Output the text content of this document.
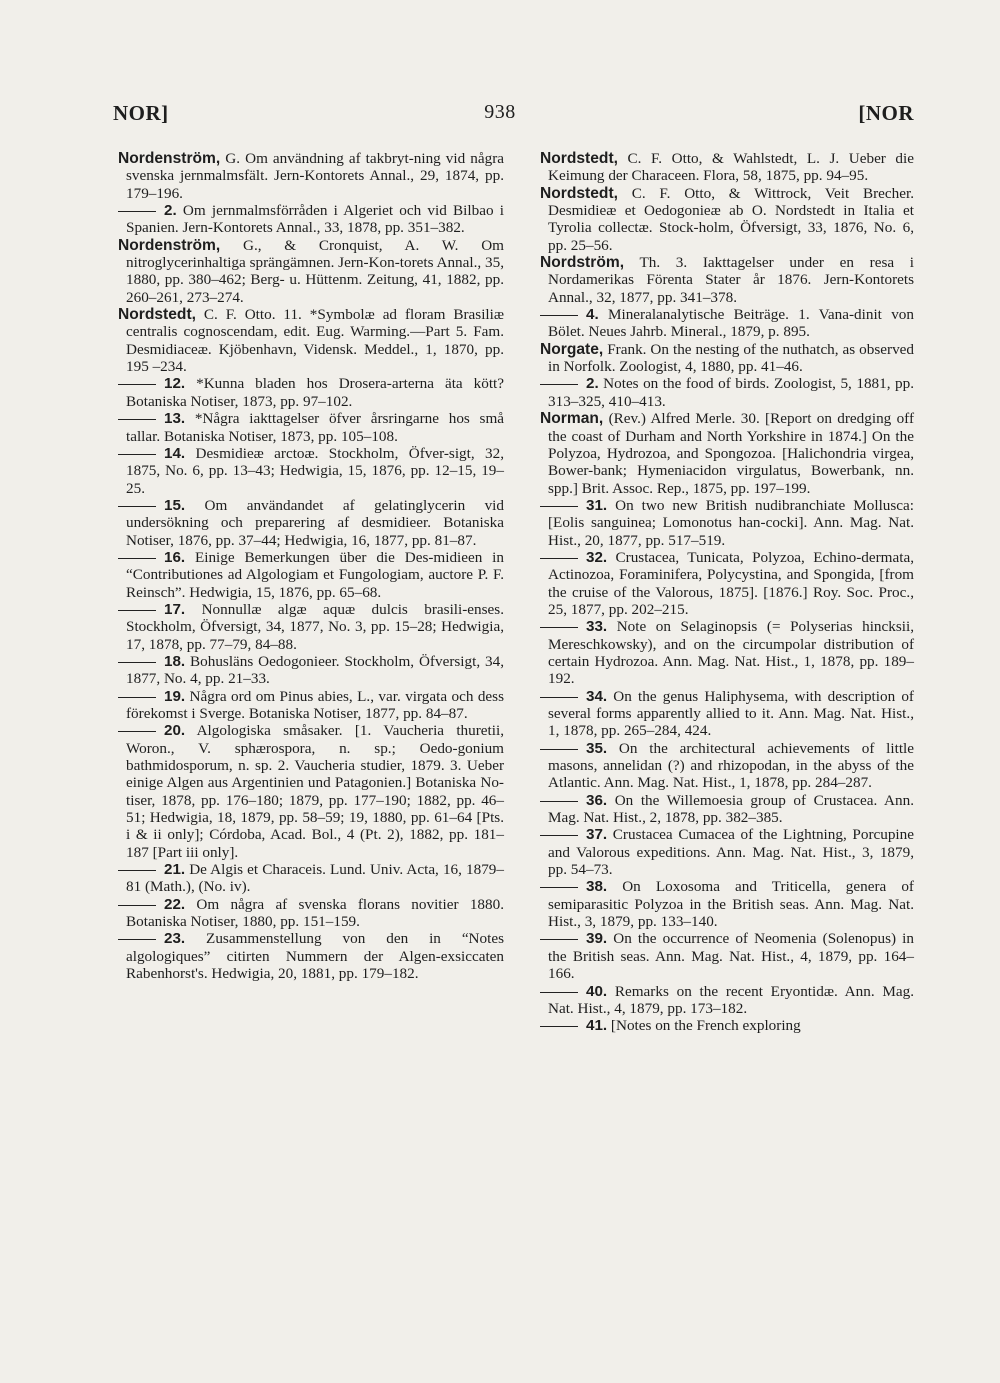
NOR]	938	[NOR

Nordenström, G. Om användning af takbryt-ning vid några svenska jernmalmsfält. Jern-Kontorets Annal., 29, 1874, pp. 179–196.

2. Om jernmalmsförråden i Algeriet och vid Bilbao i Spanien. Jern-Kontorets Annal., 33, 1878, pp. 351–382.

Nordenström, G., & Cronquist, A. W. Om nitroglycerinhaltiga sprängämnen. Jern-Kon-torets Annal., 35, 1880, pp. 380–462; Berg- u. Hüttenm. Zeitung, 41, 1882, pp. 260–261, 273–274.

Nordstedt, C. F. Otto. 11. *Symbolæ ad floram Brasiliæ centralis cognoscendam, edit. Eug. Warming.—Part 5. Fam. Desmidiaceæ. Kjöbenhavn, Vidensk. Meddel., 1, 1870, pp. 195 –234.

12. *Kunna bladen hos Drosera-arterna äta kött? Botaniska Notiser, 1873, pp. 97–102.

13. *Några iakttagelser öfver årsringarne hos små tallar. Botaniska Notiser, 1873, pp. 105–108.

14. Desmidieæ arctoæ. Stockholm, Öfver-sigt, 32, 1875, No. 6, pp. 13–43; Hedwigia, 15, 1876, pp. 12–15, 19–25.

15. Om användandet af gelatinglycerin vid undersökning och preparering af desmidieer. Botaniska Notiser, 1876, pp. 37–44; Hedwigia, 16, 1877, pp. 81–87.

16. Einige Bemerkungen über die Des-midieen in “Contributiones ad Algologiam et Fungologiam, auctore P. F. Reinsch”. Hedwigia, 15, 1876, pp. 65–68.

17. Nonnullæ algæ aquæ dulcis brasili-enses. Stockholm, Öfversigt, 34, 1877, No. 3, pp. 15–28; Hedwigia, 17, 1878, pp. 77–79, 84–88.

18. Bohusläns Oedogonieer. Stockholm, Öfversigt, 34, 1877, No. 4, pp. 21–33.

19. Några ord om Pinus abies, L., var. virgata och dess förekomst i Sverge. Botaniska Notiser, 1877, pp. 84–87.

20. Algologiska småsaker. [1. Vaucheria thuretii, Woron., V. sphærospora, n. sp.; Oedo-gonium bathmidosporum, n. sp. 2. Vaucheria studier, 1879. 3. Ueber einige Algen aus Argentinien und Patagonien.] Botaniska No-tiser, 1878, pp. 176–180; 1879, pp. 177–190; 1882, pp. 46–51; Hedwigia, 18, 1879, pp. 58–59; 19, 1880, pp. 61–64 [Pts. i & ii only]; Córdoba, Acad. Bol., 4 (Pt. 2), 1882, pp. 181–187 [Part iii only].

21. De Algis et Characeis. Lund. Univ. Acta, 16, 1879–81 (Math.), (No. iv).

22. Om några af svenska florans novitier 1880. Botaniska Notiser, 1880, pp. 151–159.

23. Zusammenstellung von den in “Notes algologiques” citirten Nummern der Algen-exsiccaten Rabenhorst's. Hedwigia, 20, 1881, pp. 179–182.

Nordstedt, C. F. Otto, & Wahlstedt, L. J. Ueber die Keimung der Characeen. Flora, 58, 1875, pp. 94–95.

Nordstedt, C. F. Otto, & Wittrock, Veit Brecher. Desmidieæ et Oedogonieæ ab O. Nordstedt in Italia et Tyrolia collectæ. Stock-holm, Öfversigt, 33, 1876, No. 6, pp. 25–56.

Nordström, Th. 3. Iakttagelser under en resa i Nordamerikas Förenta Stater år 1876. Jern-Kontorets Annal., 32, 1877, pp. 341–378.

4. Mineralanalytische Beiträge. 1. Vana-dinit von Bölet. Neues Jahrb. Mineral., 1879, p. 895.

Norgate, Frank. On the nesting of the nuthatch, as observed in Norfolk. Zoologist, 4, 1880, pp. 41–46.

2. Notes on the food of birds. Zoologist, 5, 1881, pp. 313–325, 410–413.

Norman, (Rev.) Alfred Merle. 30. [Report on dredging off the coast of Durham and North Yorkshire in 1874.] On the Polyzoa, Hydrozoa, and Spongozoa. [Halichondria virgea, Bower-bank; Hymeniacidon virgulatus, Bowerbank, nn. spp.] Brit. Assoc. Rep., 1875, pp. 197–199.

31. On two new British nudibranchiate Mollusca: [Eolis sanguinea; Lomonotus han-cocki]. Ann. Mag. Nat. Hist., 20, 1877, pp. 517–519.

32. Crustacea, Tunicata, Polyzoa, Echino-dermata, Actinozoa, Foraminifera, Polycystina, and Spongida, [from the cruise of the Valorous, 1875]. [1876.] Roy. Soc. Proc., 25, 1877, pp. 202–215.

33. Note on Selaginopsis (= Polyserias hincksii, Mereschkowsky), and on the circumpolar distribution of certain Hydrozoa. Ann. Mag. Nat. Hist., 1, 1878, pp. 189–192.

34. On the genus Haliphysema, with description of several forms apparently allied to it. Ann. Mag. Nat. Hist., 1, 1878, pp. 265–284, 424.

35. On the architectural achievements of little masons, annelidan (?) and rhizopodan, in the abyss of the Atlantic. Ann. Mag. Nat. Hist., 1, 1878, pp. 284–287.

36. On the Willemoesia group of Crustacea. Ann. Mag. Nat. Hist., 2, 1878, pp. 382–385.

37. Crustacea Cumacea of the Lightning, Porcupine and Valorous expeditions. Ann. Mag. Nat. Hist., 3, 1879, pp. 54–73.

38. On Loxosoma and Triticella, genera of semiparasitic Polyzoa in the British seas. Ann. Mag. Nat. Hist., 3, 1879, pp. 133–140.

39. On the occurrence of Neomenia (Solenopus) in the British seas. Ann. Mag. Nat. Hist., 4, 1879, pp. 164–166.

40. Remarks on the recent Eryontidæ. Ann. Mag. Nat. Hist., 4, 1879, pp. 173–182.

41. [Notes on the French exploring
